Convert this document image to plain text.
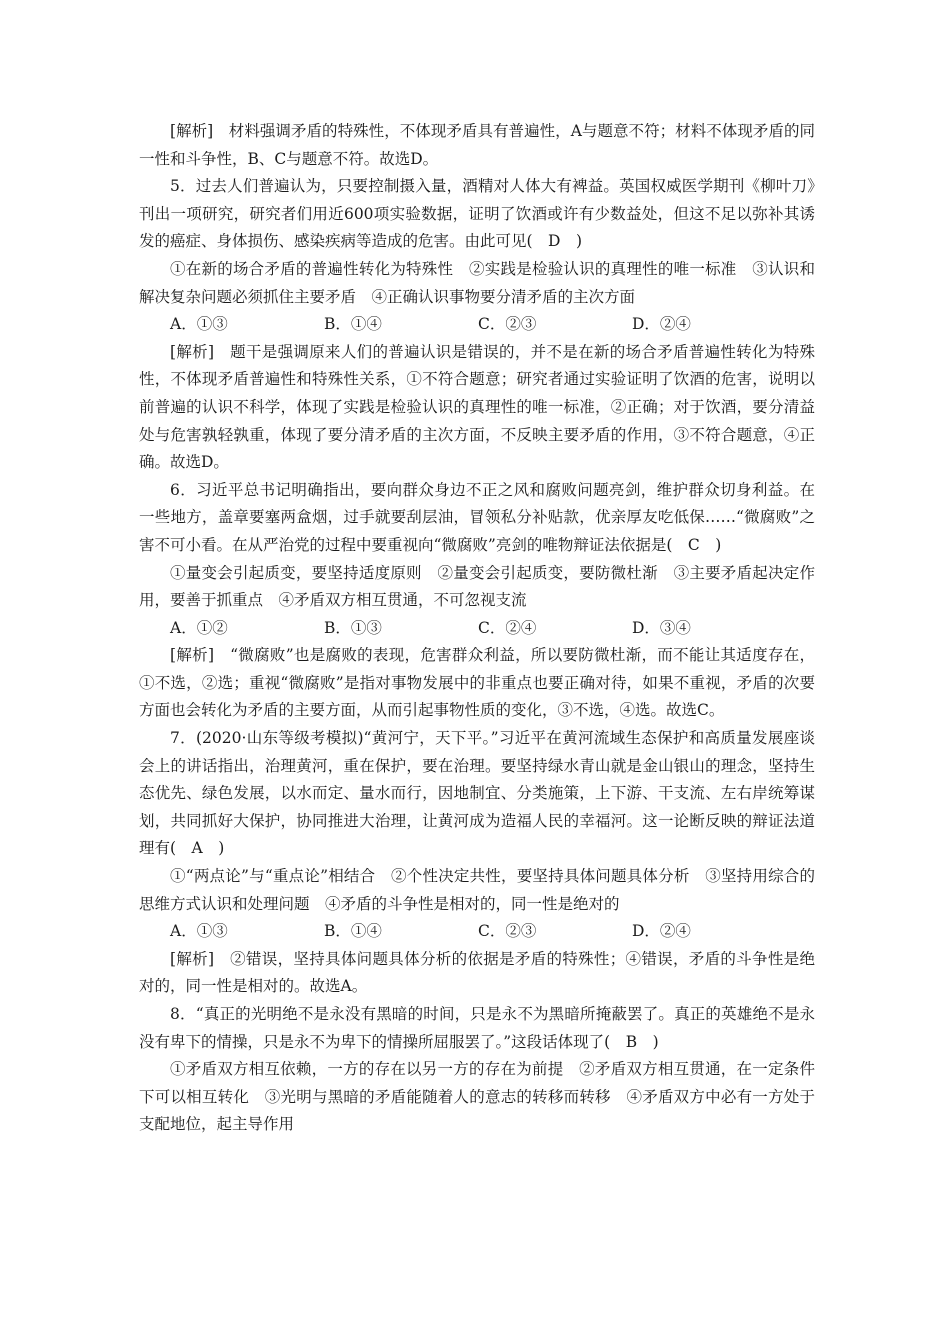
[解析]　材料强调矛盾的特殊性，不体现矛盾具有普遍性，A与题意不符；材料不体现矛盾的同一性和斗争性，B、C与题意不符。故选D。

5．过去人们普遍认为，只要控制摄入量，酒精对人体大有裨益。英国权威医学期刊《柳叶刀》刊出一项研究，研究者们用近600项实验数据，证明了饮酒或许有少数益处，但这不足以弥补其诱发的癌症、身体损伤、感染疾病等造成的危害。由此可见(　D　)

①在新的场合矛盾的普遍性转化为特殊性　②实践是检验认识的真理性的唯一标准　③认识和解决复杂问题必须抓住主要矛盾　④正确认识事物要分清矛盾的主次方面

A．①③	B．①④	C．②③	D．②④

[解析]　题干是强调原来人们的普遍认识是错误的，并不是在新的场合矛盾普遍性转化为特殊性，不体现矛盾普遍性和特殊性关系，①不符合题意；研究者通过实验证明了饮酒的危害，说明以前普遍的认识不科学，体现了实践是检验认识的真理性的唯一标准，②正确；对于饮酒，要分清益处与危害孰轻孰重，体现了要分清矛盾的主次方面，不反映主要矛盾的作用，③不符合题意，④正确。故选D。

6．习近平总书记明确指出，要向群众身边不正之风和腐败问题亮剑，维护群众切身利益。在一些地方，盖章要塞两盒烟，过手就要刮层油，冒领私分补贴款，优亲厚友吃低保……“微腐败”之害不可小看。在从严治党的过程中要重视向“微腐败”亮剑的唯物辩证法依据是(　C　)

①量变会引起质变，要坚持适度原则　②量变会引起质变，要防微杜渐　③主要矛盾起决定作用，要善于抓重点　④矛盾双方相互贯通，不可忽视支流

A．①②	B．①③	C．②④	D．③④

[解析]　“微腐败”也是腐败的表现，危害群众利益，所以要防微杜渐，而不能让其适度存在，①不选，②选；重视“微腐败”是指对事物发展中的非重点也要正确对待，如果不重视，矛盾的次要方面也会转化为矛盾的主要方面，从而引起事物性质的变化，③不选，④选。故选C。

7．(2020·山东等级考模拟)“黄河宁，天下平。”习近平在黄河流域生态保护和高质量发展座谈会上的讲话指出，治理黄河，重在保护，要在治理。要坚持绿水青山就是金山银山的理念，坚持生态优先、绿色发展，以水而定、量水而行，因地制宜、分类施策，上下游、干支流、左右岸统筹谋划，共同抓好大保护，协同推进大治理，让黄河成为造福人民的幸福河。这一论断反映的辩证法道理有(　A　)

①“两点论”与“重点论”相结合　②个性决定共性，要坚持具体问题具体分析　③坚持用综合的思维方式认识和处理问题　④矛盾的斗争性是相对的，同一性是绝对的

A．①③	B．①④	C．②③	D．②④

[解析]　②错误，坚持具体问题具体分析的依据是矛盾的特殊性；④错误，矛盾的斗争性是绝对的，同一性是相对的。故选A。

8．“真正的光明绝不是永没有黑暗的时间，只是永不为黑暗所掩蔽罢了。真正的英雄绝不是永没有卑下的情操，只是永不为卑下的情操所屈服罢了。”这段话体现了(　B　)

①矛盾双方相互依赖，一方的存在以另一方的存在为前提　②矛盾双方相互贯通，在一定条件下可以相互转化　③光明与黑暗的矛盾能随着人的意志的转移而转移　④矛盾双方中必有一方处于支配地位，起主导作用
